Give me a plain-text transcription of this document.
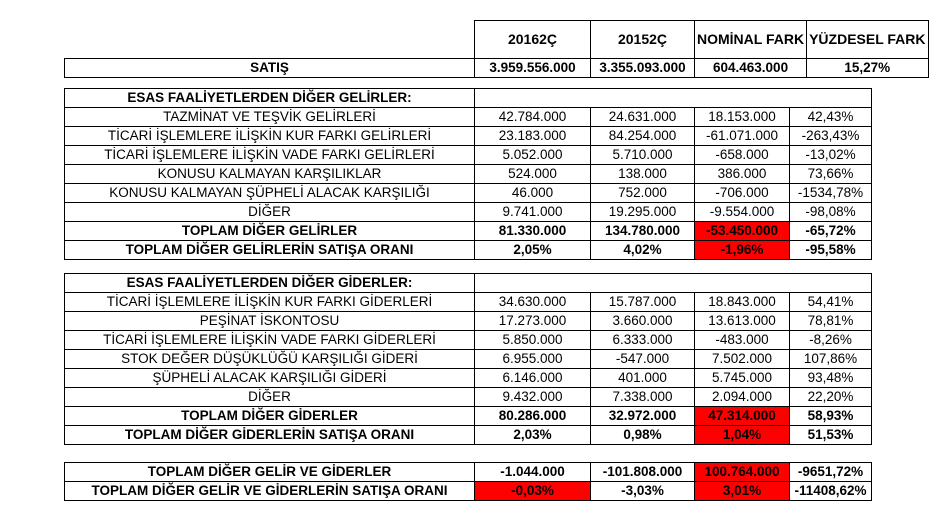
	20162Ç	20152Ç	NOMİNAL FARK	YÜZDESEL FARK
SATIŞ	3.959.556.000	3.355.093.000	604.463.000	15,27%
ESAS FAALİYETLERDEN DİĞER GELİRLER:				
TAZMİNAT VE TEŞVİK GELİRLERİ	42.784.000	24.631.000	18.153.000	42,43%
TİCARİ İŞLEMLERE İLİŞKİN KUR FARKI GELİRLERİ	23.183.000	84.254.000	-61.071.000	-263,43%
TİCARİ İŞLEMLERE İLİŞKİN VADE FARKI GELİRLERİ	5.052.000	5.710.000	-658.000	-13,02%
KONUSU KALMAYAN KARŞILIKLAR	524.000	138.000	386.000	73,66%
KONUSU KALMAYAN ŞÜPHELİ ALACAK KARŞILIĞI	46.000	752.000	-706.000	-1534,78%
DİĞER	9.741.000	19.295.000	-9.554.000	-98,08%
TOPLAM DİĞER GELİRLER	81.330.000	134.780.000	-53.450.000	-65,72%
TOPLAM DİĞER GELİRLERİN SATIŞA ORANI	2,05%	4,02%	-1,96%	-95,58%
ESAS FAALİYETLERDEN DİĞER GİDERLER:				
TİCARİ İŞLEMLERE İLİŞKİN KUR FARKI GİDERLERİ	34.630.000	15.787.000	18.843.000	54,41%
PEŞİNAT İSKONTOSU	17.273.000	3.660.000	13.613.000	78,81%
TİCARİ İŞLEMLERE İLİŞKİN VADE FARKI GİDERLERİ	5.850.000	6.333.000	-483.000	-8,26%
STOK DEĞER DÜŞÜKLÜĞÜ KARŞILIĞI GİDERİ	6.955.000	-547.000	7.502.000	107,86%
ŞÜPHELİ ALACAK KARŞILIĞI GİDERİ	6.146.000	401.000	5.745.000	93,48%
DİĞER	9.432.000	7.338.000	2.094.000	22,20%
TOPLAM DİĞER GİDERLER	80.286.000	32.972.000	47.314.000	58,93%
TOPLAM DİĞER GİDERLERİN SATIŞA ORANI	2,03%	0,98%	1,04%	51,53%
TOPLAM DİĞER GELİR VE GİDERLER	-1.044.000	-101.808.000	100.764.000	-9651,72%
TOPLAM DİĞER GELİR VE GİDERLERİN SATIŞA ORANI	-0,03%	-3,03%	3,01%	-11408,62%
